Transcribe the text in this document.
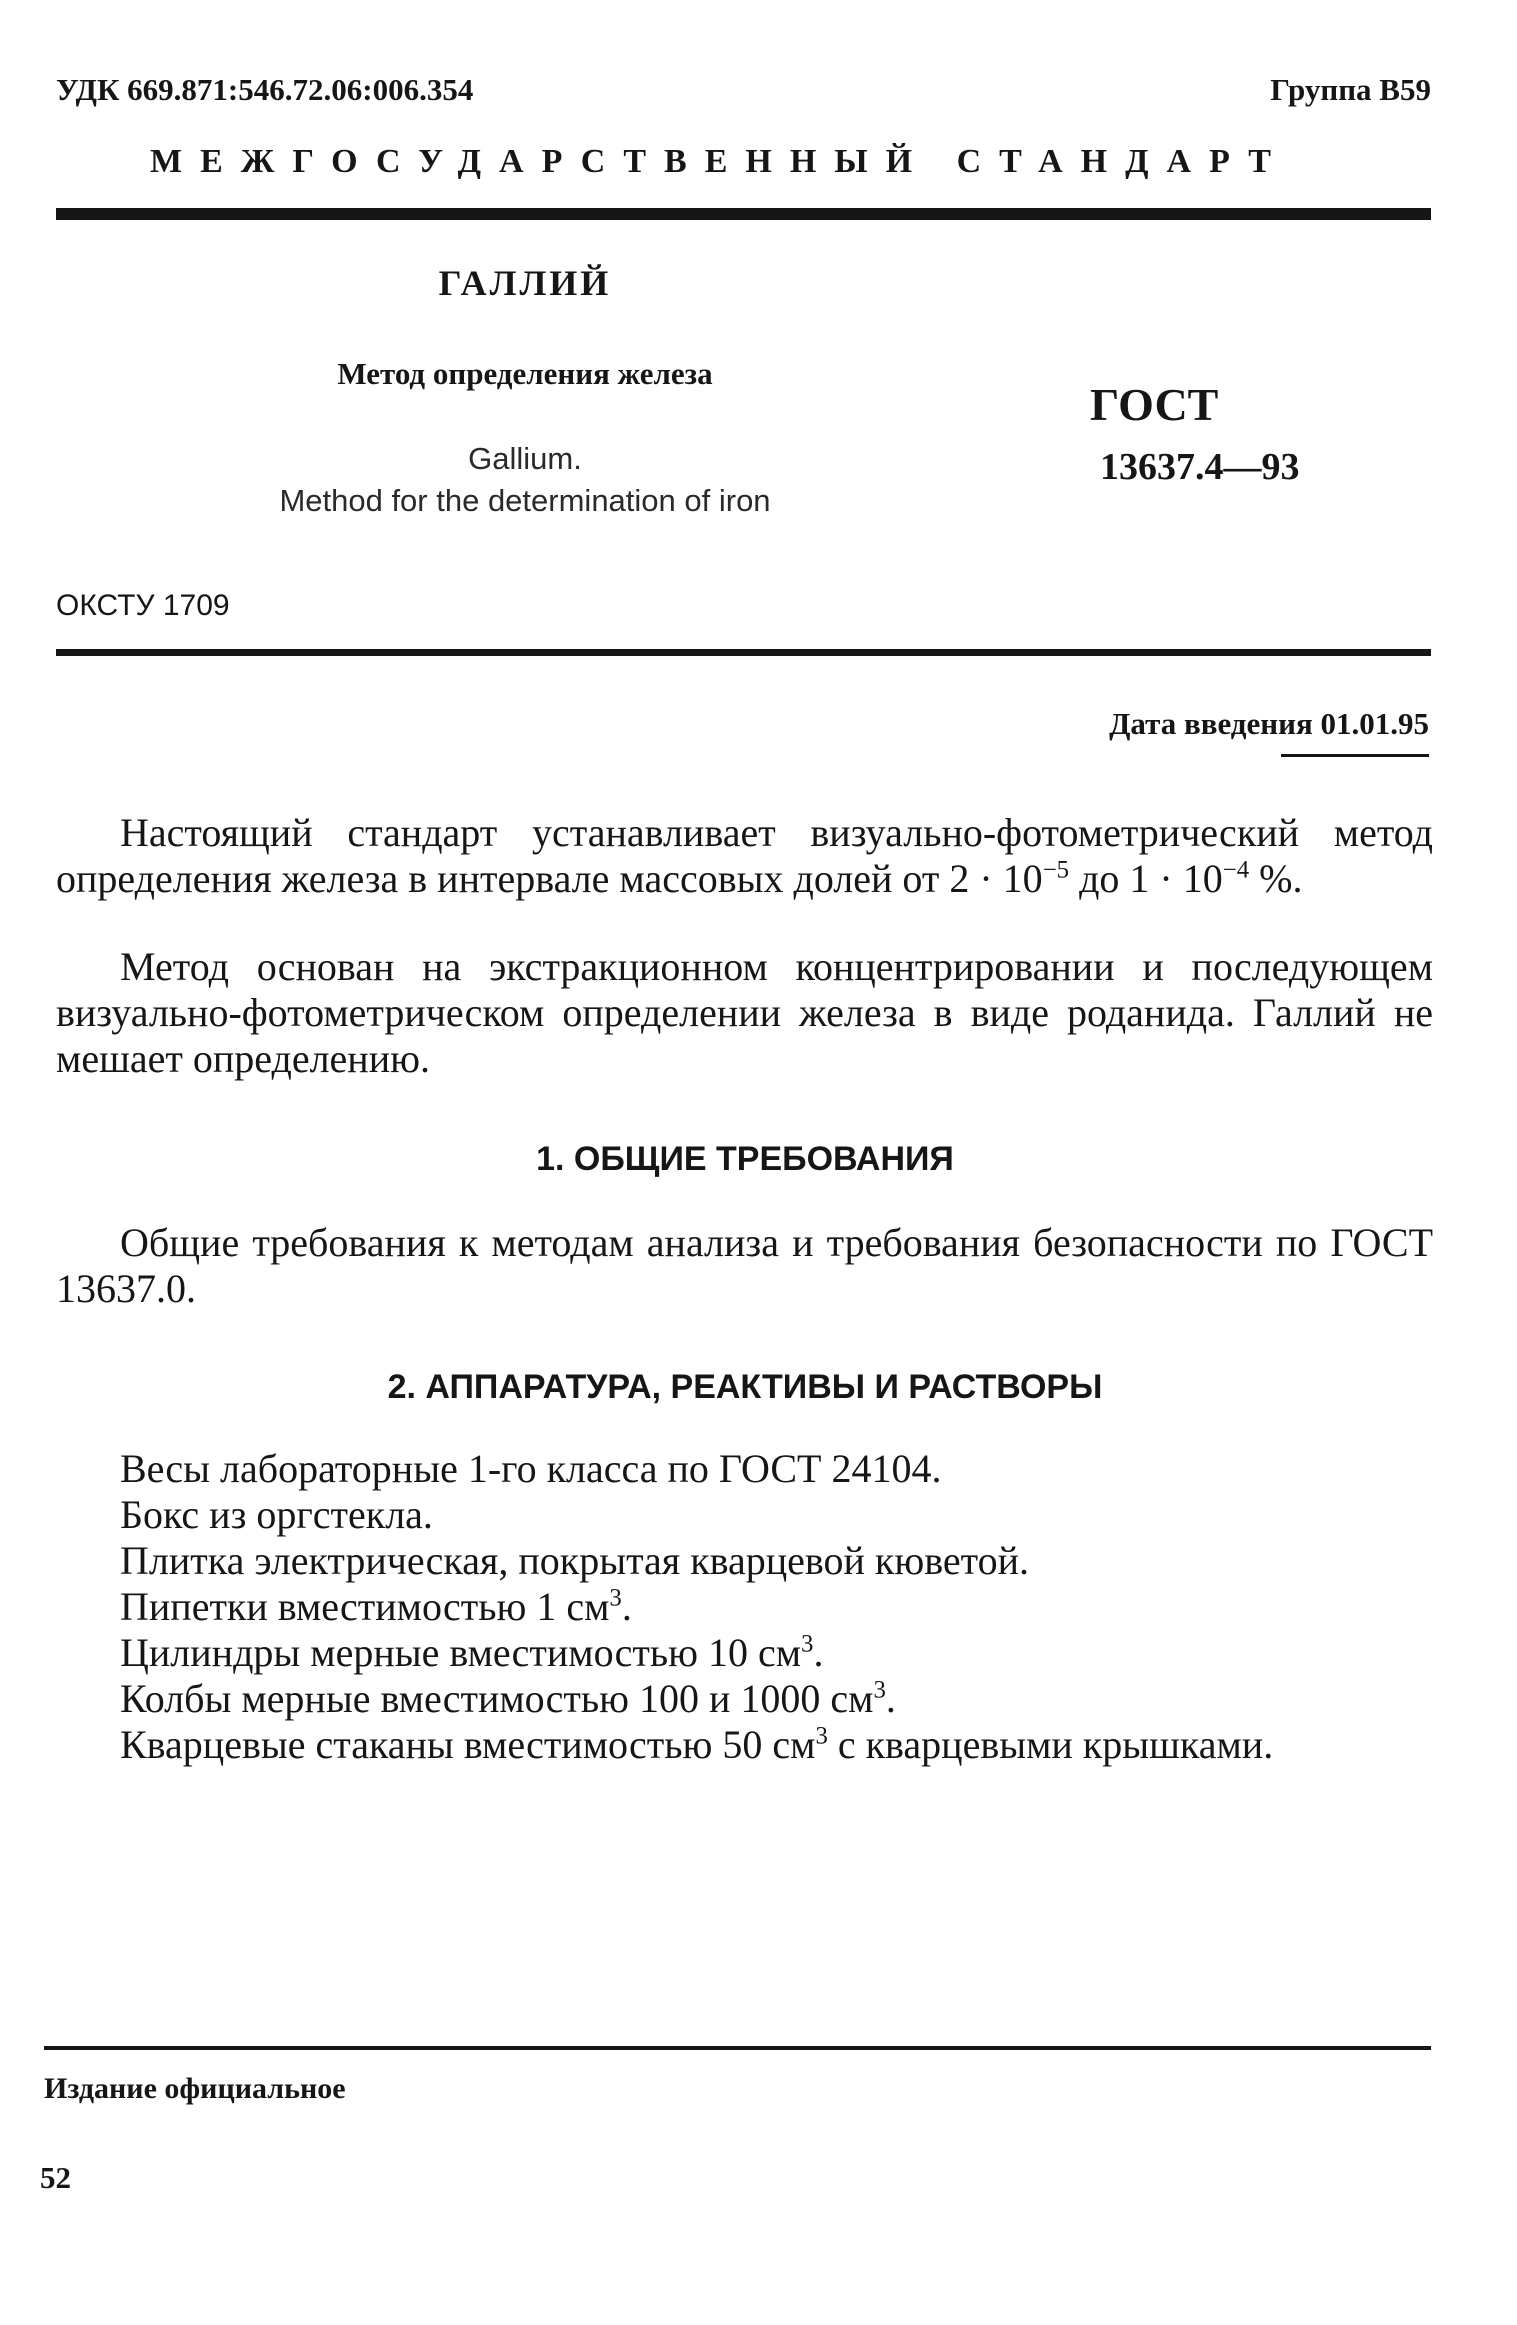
УДК 669.871:546.72.06:006.354	Группа В59
МЕЖГОСУДАРСТВЕННЫЙ СТАНДАРТ
ГАЛЛИЙ
Метод определения железа
Gallium.
Method for the determination of iron
ГОСТ
13637.4—93
ОКСТУ 1709
Дата введения 01.01.95
Настоящий стандарт устанавливает визуально-фотометрический метод определения железа в интервале массовых долей от $2 \cdot 10^{-5}$ до $1 \cdot 10^{-4}$ %.
Метод основан на экстракционном концентрировании и последующем визуально-фотометрическом определении железа в виде роданида. Галлий не мешает определению.
1. ОБЩИЕ ТРЕБОВАНИЯ
Общие требования к методам анализа и требования безопасности по ГОСТ 13637.0.
2. АППАРАТУРА, РЕАКТИВЫ И РАСТВОРЫ
Весы лабораторные 1-го класса по ГОСТ 24104.
Бокс из оргстекла.
Плитка электрическая, покрытая кварцевой кюветой.
Пипетки вместимостью 1 $см^3$.
Цилиндры мерные вместимостью 10 $см^3$.
Колбы мерные вместимостью 100 и 1000 $см^3$.
Кварцевые стаканы вместимостью 50 $см^3$ с кварцевыми крышками.
Издание официальное
52
